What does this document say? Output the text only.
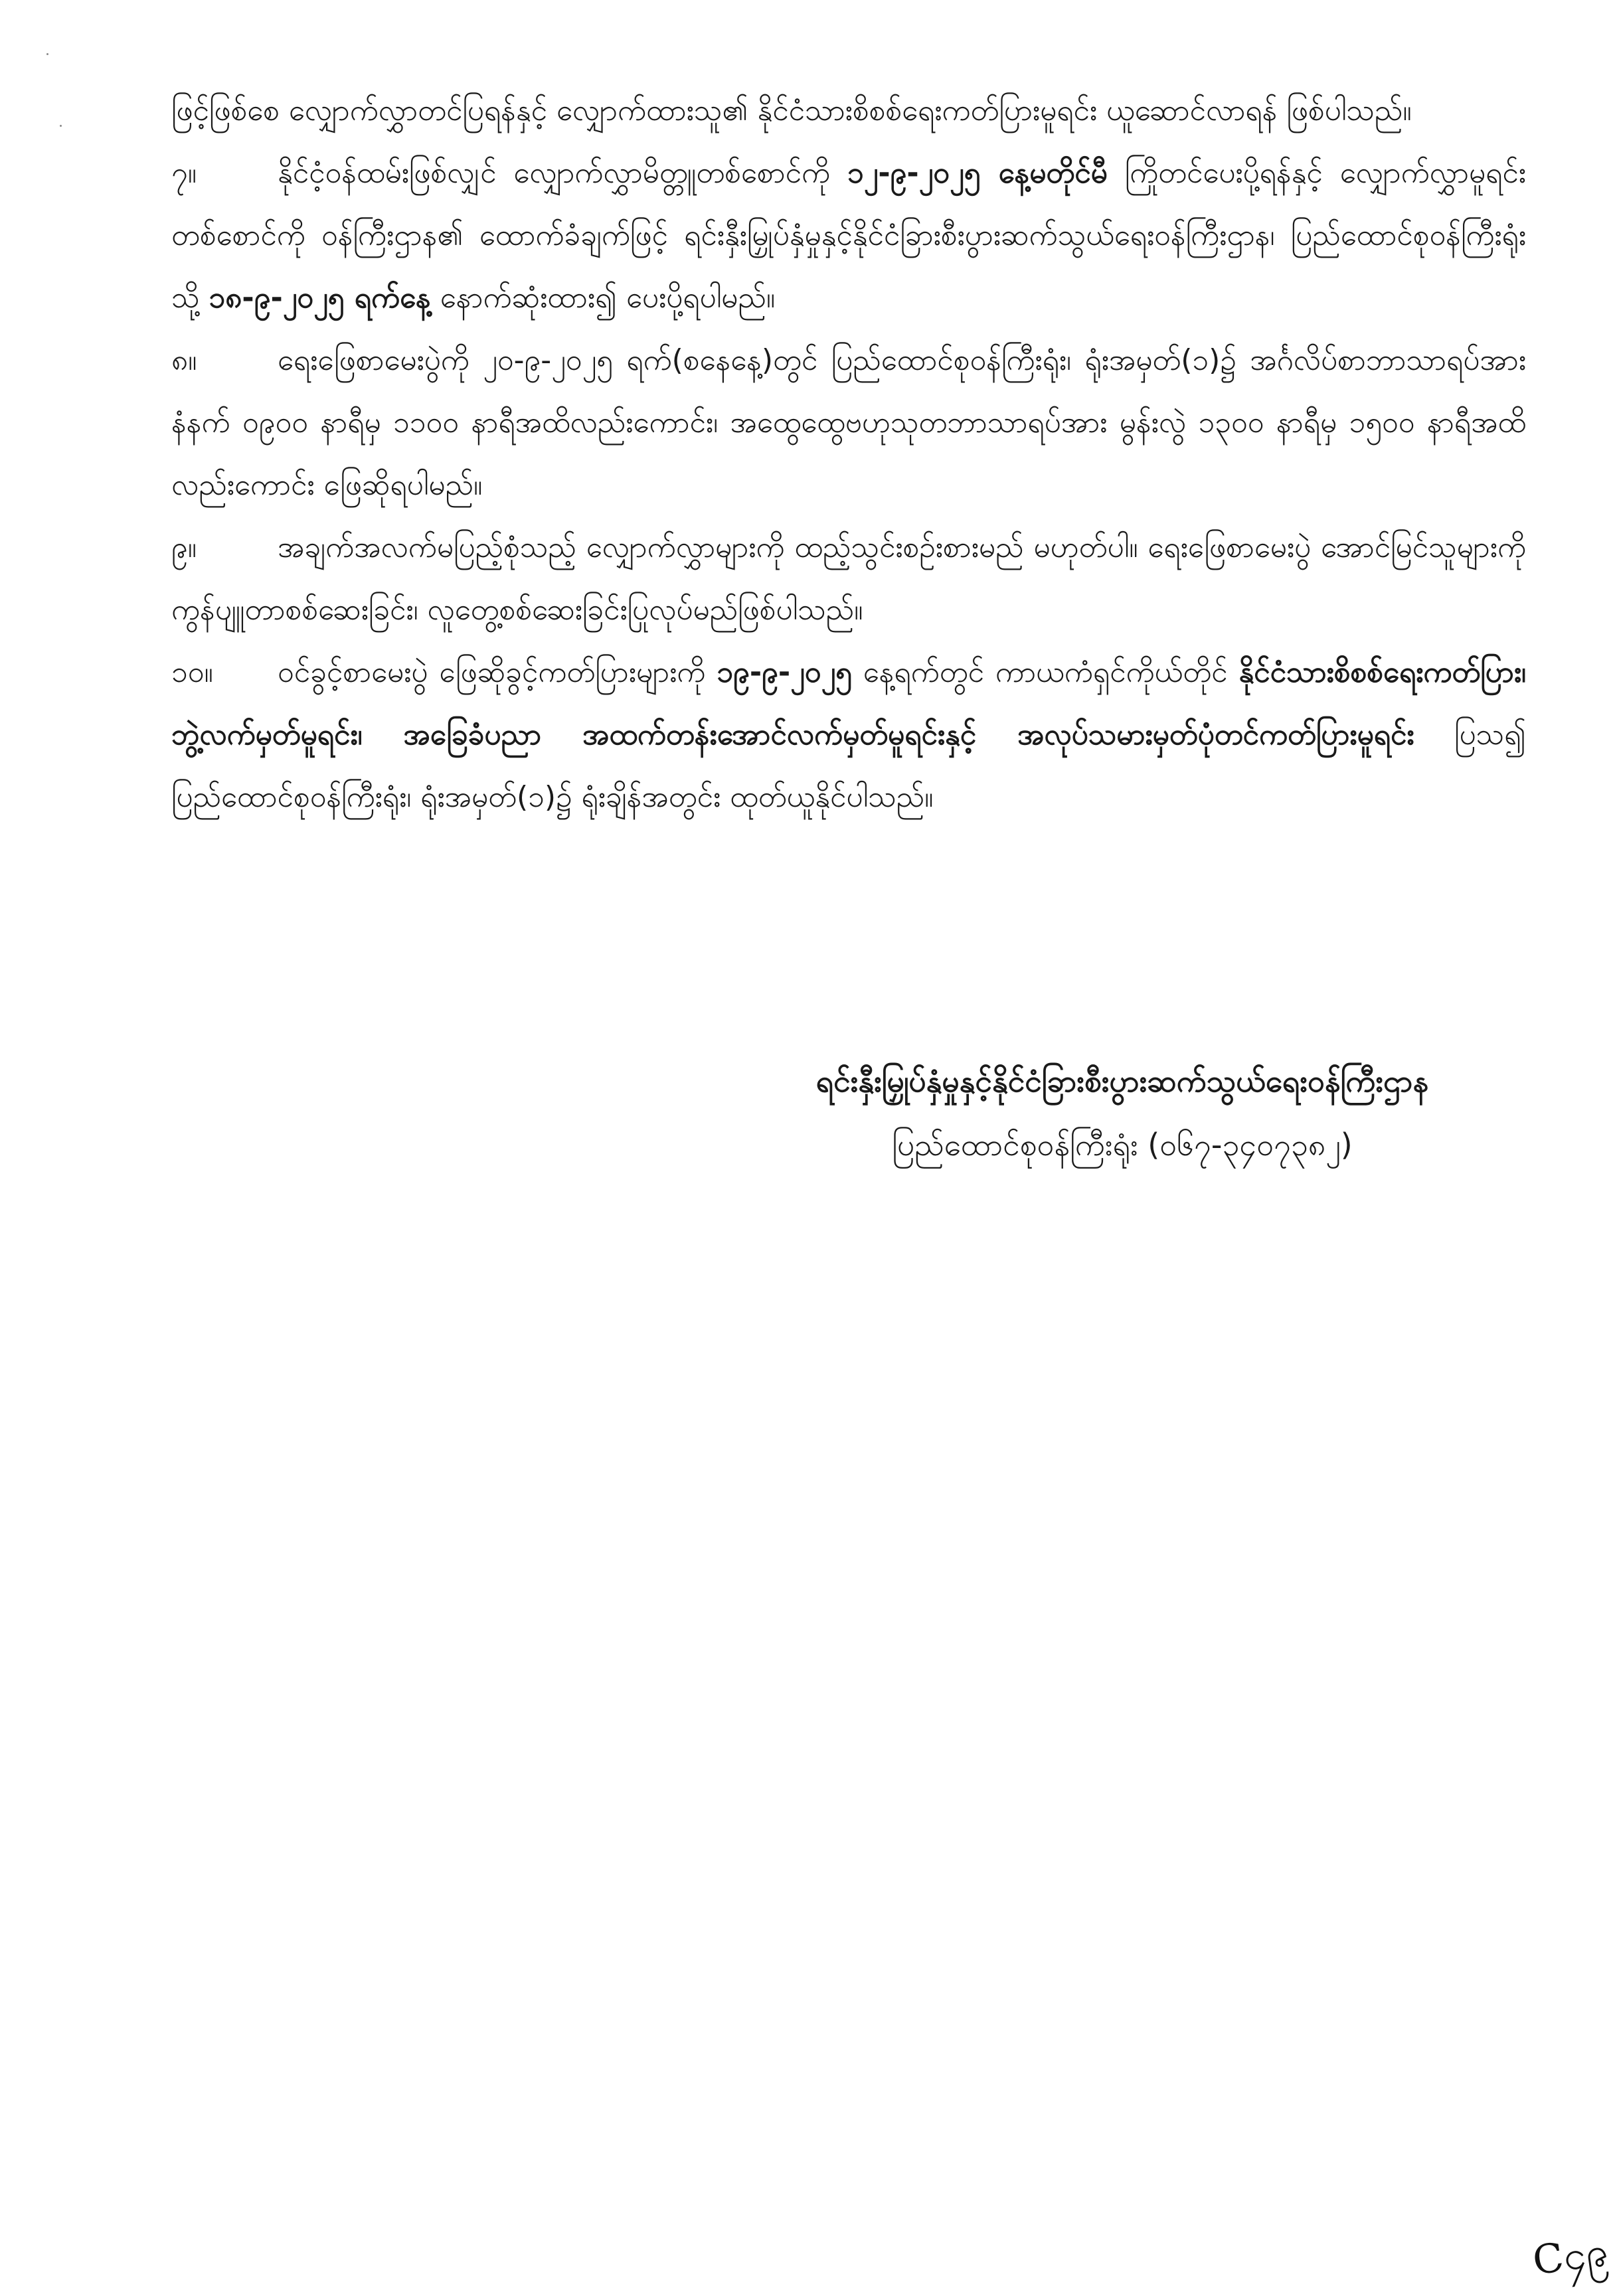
ဖြင့်ဖြစ်စေ လျှောက်လွှာတင်ပြရန်နှင့် လျှောက်ထားသူ၏ နိုင်ငံသားစိစစ်ရေးကတ်ပြားမူရင်း ယူဆောင်လာရန် ဖြစ်ပါသည်။

၇။	နိုင်ငံ့ဝန်ထမ်းဖြစ်လျှင် လျှောက်လွှာမိတ္တူတစ်စောင်ကို ၁၂-၉-၂၀၂၅ နေ့မတိုင်မီ ကြိုတင်ပေးပို့ရန်နှင့် လျှောက်လွှာမူရင်းတစ်စောင်ကို ဝန်ကြီးဌာန၏ ထောက်ခံချက်ဖြင့် ရင်းနှီးမြှုပ်နှံမှုနှင့်နိုင်ငံခြားစီးပွားဆက်သွယ်ရေးဝန်ကြီးဌာန၊ ပြည်ထောင်စုဝန်ကြီးရုံးသို့ ၁၈-၉-၂၀၂၅ ရက်နေ့ နောက်ဆုံးထား၍ ပေးပို့ရပါမည်။

၈။	ရေးဖြေစာမေးပွဲကို ၂၀-၉-၂၀၂၅ ရက်(စနေနေ့)တွင် ပြည်ထောင်စုဝန်ကြီးရုံး၊ ရုံးအမှတ်(၁)၌ အင်္ဂလိပ်စာဘာသာရပ်အား နံနက် ၀၉၀၀ နာရီမှ ၁၁၀၀ နာရီအထိလည်းကောင်း၊ အထွေထွေဗဟုသုတဘာသာရပ်အား မွန်းလွဲ ၁၃၀၀ နာရီမှ ၁၅၀၀ နာရီအထိလည်းကောင်း ဖြေဆိုရပါမည်။

၉။	အချက်အလက်မပြည့်စုံသည့် လျှောက်လွှာများကို ထည့်သွင်းစဉ်းစားမည် မဟုတ်ပါ။ ရေးဖြေစာမေးပွဲ အောင်မြင်သူများကို ကွန်ပျူတာစစ်ဆေးခြင်း၊ လူတွေ့စစ်ဆေးခြင်းပြုလုပ်မည်ဖြစ်ပါသည်။

၁၀။ ဝင်ခွင့်စာမေးပွဲ ဖြေဆိုခွင့်ကတ်ပြားများကို ၁၉-၉-၂၀၂၅ နေ့ရက်တွင် ကာယကံရှင်ကိုယ်တိုင် နိုင်ငံသားစိစစ်ရေးကတ်ပြား၊ ဘွဲ့လက်မှတ်မူရင်း၊ အခြေခံပညာ အထက်တန်းအောင်လက်မှတ်မူရင်းနှင့် အလုပ်သမားမှတ်ပုံတင်ကတ်ပြားမူရင်း ပြသ၍ ပြည်ထောင်စုဝန်ကြီးရုံး၊ ရုံးအမှတ်(၁)၌ ရုံးချိန်အတွင်း ထုတ်ယူနိုင်ပါသည်။

ရင်းနှီးမြှုပ်နှံမှုနှင့်နိုင်ငံခြားစီးပွားဆက်သွယ်ရေးဝန်ကြီးဌာန
ပြည်ထောင်စုဝန်ကြီးရုံး (၀၆၇-၃၄၀၇၃၈၂)
C၄၉
